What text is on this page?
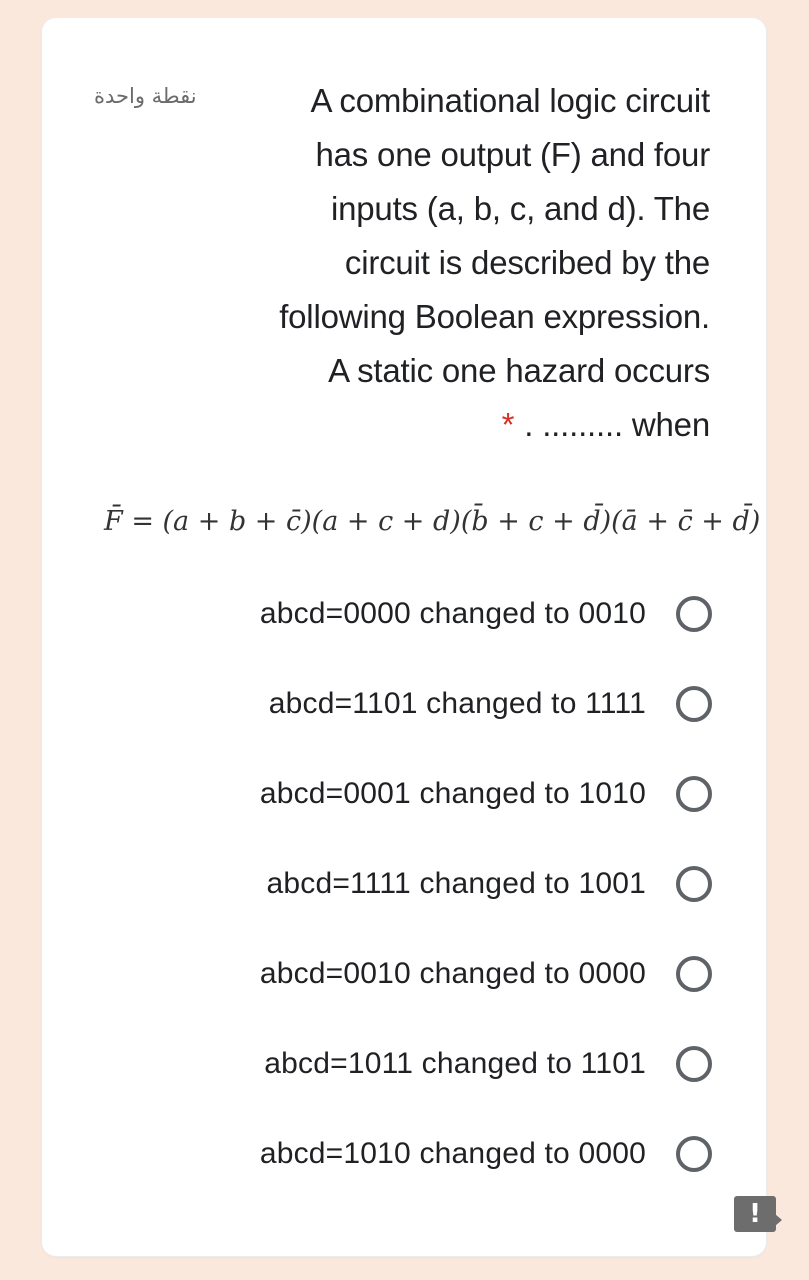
نقطة واحدة	A combinational logic circuit
has one output (F) and four
inputs (a, b, c, and d). The
circuit is described by the
following Boolean expression.
A static one hazard occurs
* . ......... when
F̄ = (a + b + c̄)(a + c + d)(b̄ + c + d̄)(ā + c̄ + d̄)
abcd=0000 changed to 0010
abcd=1101 changed to 1111
abcd=0001 changed to 1010
abcd=1111 changed to 1001
abcd=0010 changed to 0000
abcd=1011 changed to 1101
abcd=1010 changed to 0000
!
